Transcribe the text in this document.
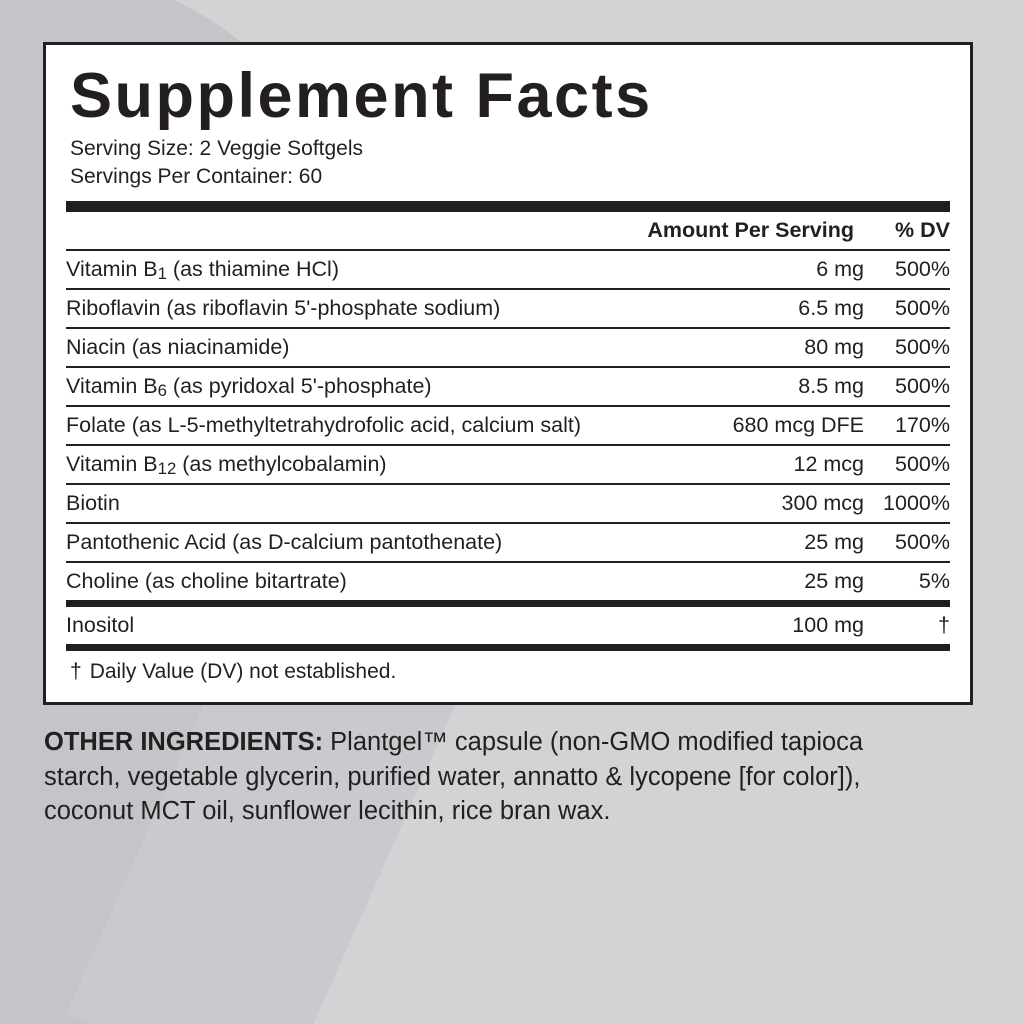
Supplement Facts
Serving Size: 2 Veggie Softgels
Servings Per Container: 60
	Amount Per Serving	% DV

Vitamin B1 (as thiamine HCl)	6 mg	500%

Riboflavin (as riboflavin 5'-phosphate sodium)	6.5 mg	500%

Niacin (as niacinamide)	80 mg	500%

Vitamin B6 (as pyridoxal 5'-phosphate)	8.5 mg	500%

Folate (as L-5-methyltetrahydrofolic acid, calcium salt)	680 mcg DFE	170%

Vitamin B12 (as methylcobalamin)	12 mcg	500%

Biotin	300 mcg	1000%

Pantothenic Acid (as D-calcium pantothenate)	25 mg	500%

Choline (as choline bitartrate)	25 mg	5%
Inositol	100 mg	†
† Daily Value (DV) not established.
OTHER INGREDIENTS: Plantgel™ capsule (non-GMO modified tapioca starch, vegetable glycerin, purified water, annatto & lycopene [for color]), coconut MCT oil, sunflower lecithin, rice bran wax.
